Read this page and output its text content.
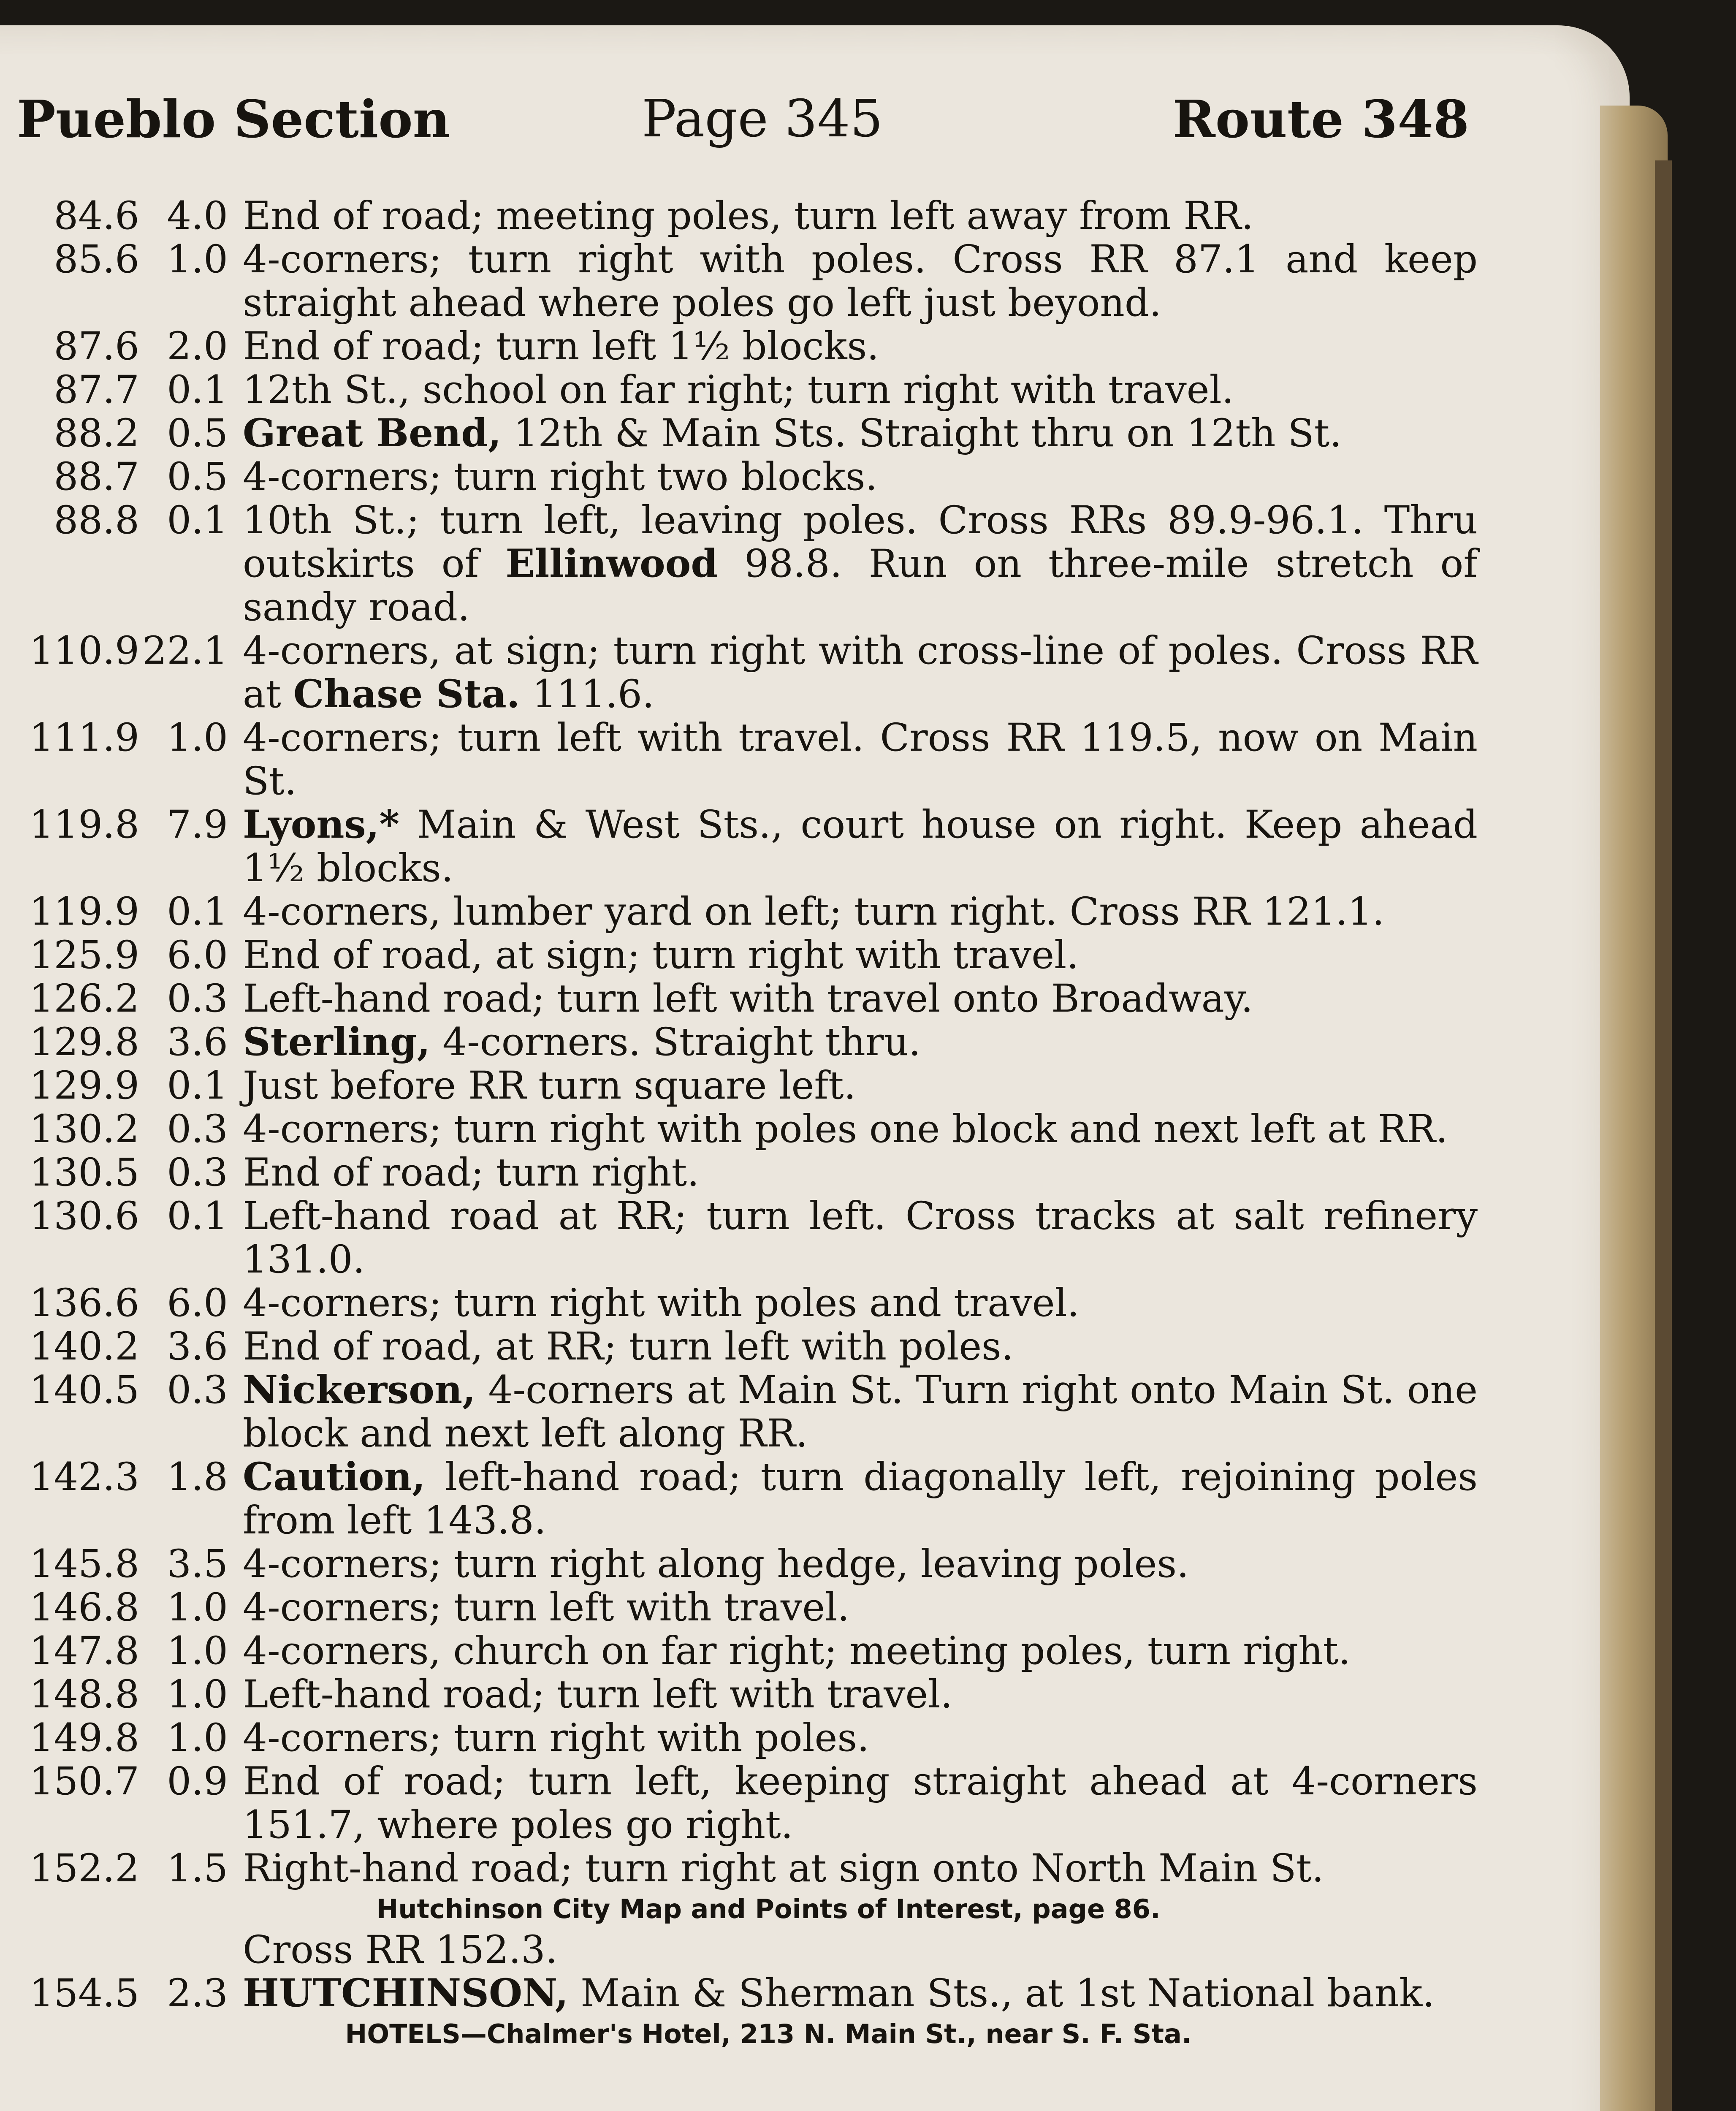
Pueblo Section	Page 345	Route 348
84.6 4.0 End of road; meeting poles, turn left away from RR.
85.6 1.0 4-corners; turn right with poles. Cross RR 87.1 and keep straight ahead where poles go left just beyond.
87.6 2.0 End of road; turn left 1½ blocks.
87.7 0.1 12th St., school on far right; turn right with travel.
88.2 0.5 Great Bend, 12th & Main Sts. Straight thru on 12th St.
88.7 0.5 4-corners; turn right two blocks.
88.8 0.1 10th St.; turn left, leaving poles. Cross RRs 89.9-96.1. Thru outskirts of Ellinwood 98.8. Run on three-mile stretch of sandy road.
110.9 22.1 4-corners, at sign; turn right with cross-line of poles. Cross RR at Chase Sta. 111.6.
111.9 1.0 4-corners; turn left with travel. Cross RR 119.5, now on Main St.
119.8 7.9 Lyons,* Main & West Sts., court house on right. Keep ahead 1½ blocks.
119.9 0.1 4-corners, lumber yard on left; turn right. Cross RR 121.1.
125.9 6.0 End of road, at sign; turn right with travel.
126.2 0.3 Left-hand road; turn left with travel onto Broadway.
129.8 3.6 Sterling, 4-corners. Straight thru.
129.9 0.1 Just before RR turn square left.
130.2 0.3 4-corners; turn right with poles one block and next left at RR.
130.5 0.3 End of road; turn right.
130.6 0.1 Left-hand road at RR; turn left. Cross tracks at salt refinery 131.0.
136.6 6.0 4-corners; turn right with poles and travel.
140.2 3.6 End of road, at RR; turn left with poles.
140.5 0.3 Nickerson, 4-corners at Main St. Turn right onto Main St. one block and next left along RR.
142.3 1.8 Caution, left-hand road; turn diagonally left, rejoining poles from left 143.8.
145.8 3.5 4-corners; turn right along hedge, leaving poles.
146.8 1.0 4-corners; turn left with travel.
147.8 1.0 4-corners, church on far right; meeting poles, turn right.
148.8 1.0 Left-hand road; turn left with travel.
149.8 1.0 4-corners; turn right with poles.
150.7 0.9 End of road; turn left, keeping straight ahead at 4-corners 151.7, where poles go right.
152.2 1.5 Right-hand road; turn right at sign onto North Main St.
Hutchinson City Map and Points of Interest, page 86.
Cross RR 152.3.
154.5 2.3 HUTCHINSON, Main & Sherman Sts., at 1st National bank.
HOTELS—Chalmer's Hotel, 213 N. Main St., near S. F. Sta.
